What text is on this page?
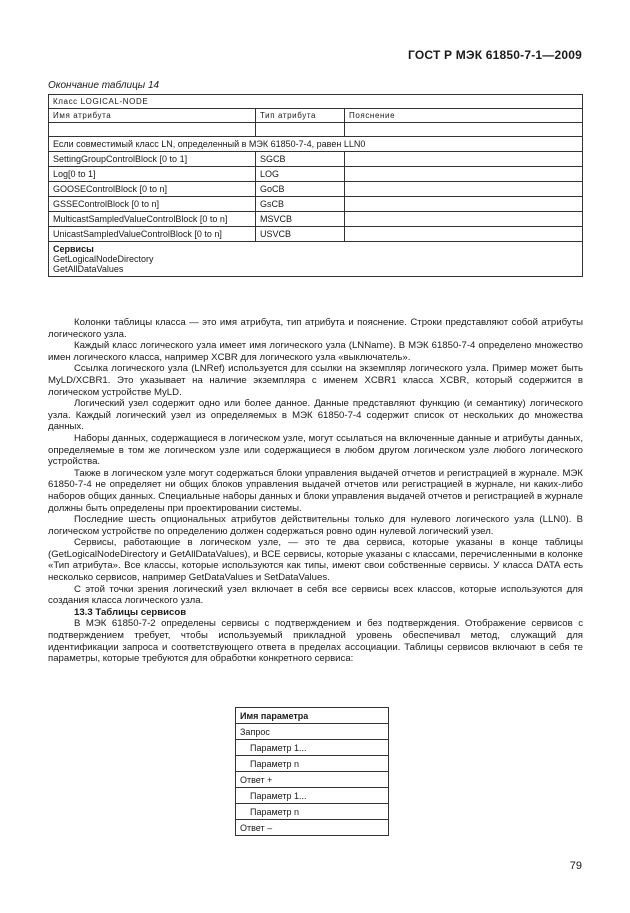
ГОСТ Р МЭК 61850-7-1—2009
Окончание таблицы 14
Класс LOGICAL-NODE		
Имя атрибута	Тип атрибута	Пояснение

Если совместимый класс LN, определенный в МЭК 61850-7-4, равен LLN0		
SettingGroupControlBlock [0 to 1]	SGCB	
Log[0 to 1]	LOG	
GOOSEControlBlock [0 to n]	GoCB	
GSSEControlBlock [0 to n]	GsCB	
MulticastSampledValueControlBlock [0 to n]	MSVCB	
UnicastSampledValueControlBlock [0 to n]	USVCB	
Сервисы
GetLogicalNodeDirectory
GetAllDataValues		

Колонки таблицы класса — это имя атрибута, тип атрибута и пояснение. Строки представляют собой атрибуты логического узла.

Каждый класс логического узла имеет имя логического узла (LNName). В МЭК 61850-7-4 определено множество имен логического класса, например XCBR для логического узла «выключатель».

Ссылка логического узла (LNRef) используется для ссылки на экземпляр логического узла. Пример может быть MyLD/XCBR1. Это указывает на наличие экземпляра с именем XCBR1 класса XCBR, который содержится в логическом устройстве MyLD.

Логический узел содержит одно или более данное. Данные представляют функцию (и семантику) логического узла. Каждый логический узел из определяемых в МЭК 61850-7-4 содержит список от нескольких до множества данных.

Наборы данных, содержащиеся в логическом узле, могут ссылаться на включенные данные и атрибуты данных, определяемые в том же логическом узле или содержащиеся в любом другом логическом узле любого логического устройства.

Также в логическом узле могут содержаться блоки управления выдачей отчетов и регистрацией в журнале. МЭК 61850-7-4 не определяет ни общих блоков управления выдачей отчетов или регистрацией в журнале, ни каких-либо наборов общих данных. Специальные наборы данных и блоки управления выдачей отчетов и регистрацией в журнале должны быть определены при проектировании системы.

Последние шесть опциональных атрибутов действительны только для нулевого логического узла (LLN0). В логическом устройстве по определению должен содержаться ровно один нулевой логический узел.

Сервисы, работающие в логическом узле, — это те два сервиса, которые указаны в конце таблицы (GetLogicalNodeDirectory и GetAllDataValues), и ВСЕ сервисы, которые указаны с классами, перечисленными в колонке «Тип атрибута». Все классы, которые используются как типы, имеют свои собственные сервисы. У класса DATA есть несколько сервисов, например GetDataValues и SetDataValues.

С этой точки зрения логический узел включает в себя все сервисы всех классов, которые используются для создания класса логического узла.

13.3 Таблицы сервисов

В МЭК 61850-7-2 определены сервисы с подтверждением и без подтверждения. Отображение сервисов с подтверждением требует, чтобы используемый прикладной уровень обеспечивал метод, служащий для идентификации запроса и соответствующего ответа в пределах ассоциации. Таблицы сервисов включают в себя те параметры, которые требуются для обработки конкретного сервиса:

Имя параметра
Запрос
Параметр 1...
Параметр n
Ответ +
Параметр 1...
Параметр n
Ответ –
79
